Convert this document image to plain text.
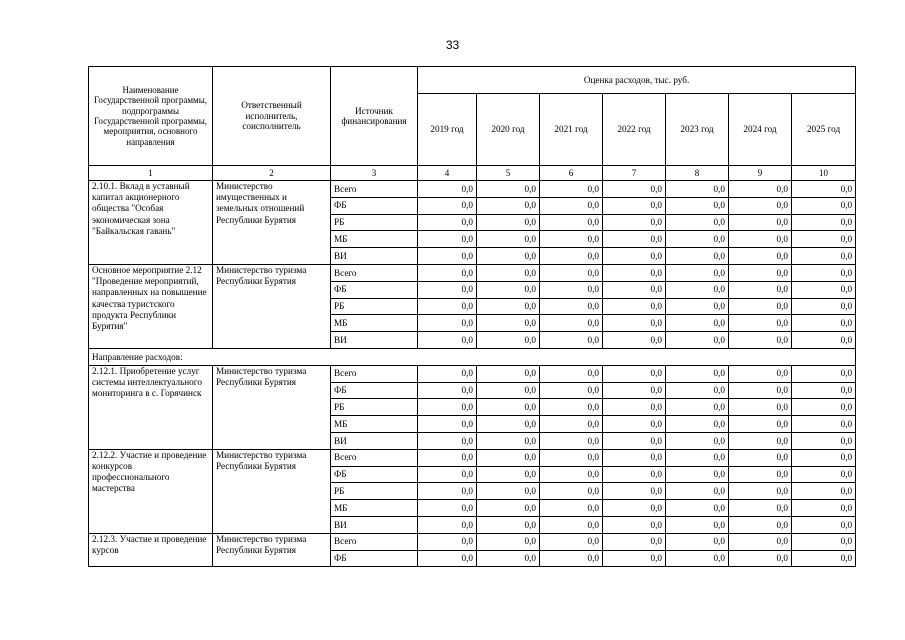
33
Наименование Государственной программы, подпрограммы Государственной программы, мероприятия, основного направления	Ответственный исполнитель, соисполнитель	Источник финансирования	Оценка расходов, тыс. руб.						
			2019 год	2020 год	2021 год	2022 год	2023 год	2024 год	2025 год
1	2	3	4	5	6	7	8	9	10
2.10.1. Вклад в уставный капитал акционерного общества "Особая экономическая зона "Байкальская гавань"	Министерство имущественных и земельных отношений Республики Бурятия	Всего	0,0	0,0	0,0	0,0	0,0	0,0	0,0
		ФБ	0,0	0,0	0,0	0,0	0,0	0,0	0,0
		РБ	0,0	0,0	0,0	0,0	0,0	0,0	0,0
		МБ	0,0	0,0	0,0	0,0	0,0	0,0	0,0
		ВИ	0,0	0,0	0,0	0,0	0,0	0,0	0,0
Основное мероприятие 2.12 "Проведение мероприятий, направленных на повышение качества туристского продукта Республики Бурятия"	Министерство туризма Республики Бурятия	Всего	0,0	0,0	0,0	0,0	0,0	0,0	0,0
		ФБ	0,0	0,0	0,0	0,0	0,0	0,0	0,0
		РБ	0,0	0,0	0,0	0,0	0,0	0,0	0,0
		МБ	0,0	0,0	0,0	0,0	0,0	0,0	0,0
		ВИ	0,0	0,0	0,0	0,0	0,0	0,0	0,0
Направление расходов:									
2.12.1. Приобретение услуг системы интеллектуального мониторинга в с. Горячинск	Министерство туризма Республики Бурятия	Всего	0,0	0,0	0,0	0,0	0,0	0,0	0,0
		ФБ	0,0	0,0	0,0	0,0	0,0	0,0	0,0
		РБ	0,0	0,0	0,0	0,0	0,0	0,0	0,0
		МБ	0,0	0,0	0,0	0,0	0,0	0,0	0,0
		ВИ	0,0	0,0	0,0	0,0	0,0	0,0	0,0
2.12.2. Участие и проведение конкурсов профессионального мастерства	Министерство туризма Республики Бурятия	Всего	0,0	0,0	0,0	0,0	0,0	0,0	0,0
		ФБ	0,0	0,0	0,0	0,0	0,0	0,0	0,0
		РБ	0,0	0,0	0,0	0,0	0,0	0,0	0,0
		МБ	0,0	0,0	0,0	0,0	0,0	0,0	0,0
		ВИ	0,0	0,0	0,0	0,0	0,0	0,0	0,0
2.12.3. Участие и проведение курсов	Министерство туризма Республики Бурятия	Всего	0,0	0,0	0,0	0,0	0,0	0,0	0,0
		ФБ	0,0	0,0	0,0	0,0	0,0	0,0	0,0
